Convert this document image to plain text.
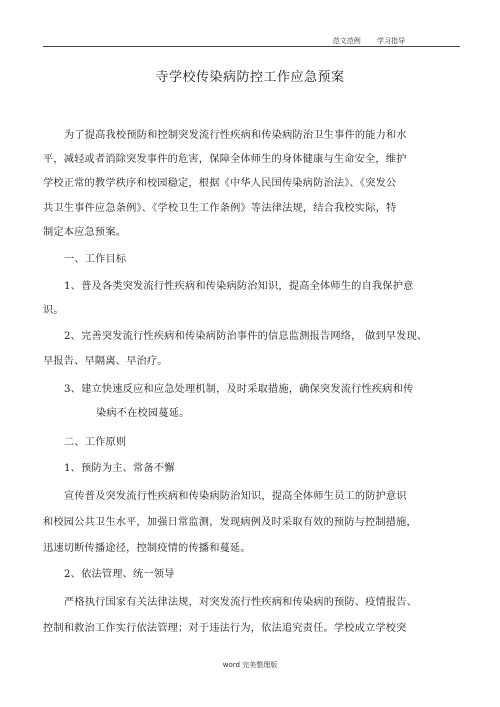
范文范例 学习指导
寺学校传染病防控工作应急预案
为了提高我校预防和控制突发流行性疾病和传染病防治卫生事件的能力和水
平，减轻或者消除突发事件的危害，保障全体师生的身体健康与生命安全，维护
学校正常的教学秩序和校园稳定，根据《中华人民国传染病防治法》、《突发公
共卫生事件应急条例》、《学校卫生工作条例》等法律法规，结合我校实际，特
制定本应急预案。
一、工作目标
1、普及各类突发流行性疾病和传染病防治知识，提高全体师生的自我保护意
识。
2、完善突发流行性疾病和传染病防治事件的信息监测报告网络， 做到早发现、
早报告、早隔离、早治疗。
3、建立快速反应和应急处理机制，及时采取措施，确保突发流行性疾病和传
染病不在校园蔓延。
二、工作原则
1、预防为主、常备不懈
宣传普及突发流行性疾病和传染病防治知识，提高全体师生员工的防护意识
和校园公共卫生水平，加强日常监测，发现病例及时采取有效的预防与控制措施，
迅速切断传播途径，控制疫情的传播和蔓延。
2、依法管理、统一领导
严格执行国家有关法律法规，对突发流行性疾病和传染病的预防、疫情报告、
控制和救治工作实行依法管理；对于违法行为，依法追究责任。学校成立学校突
word 完美整理版
